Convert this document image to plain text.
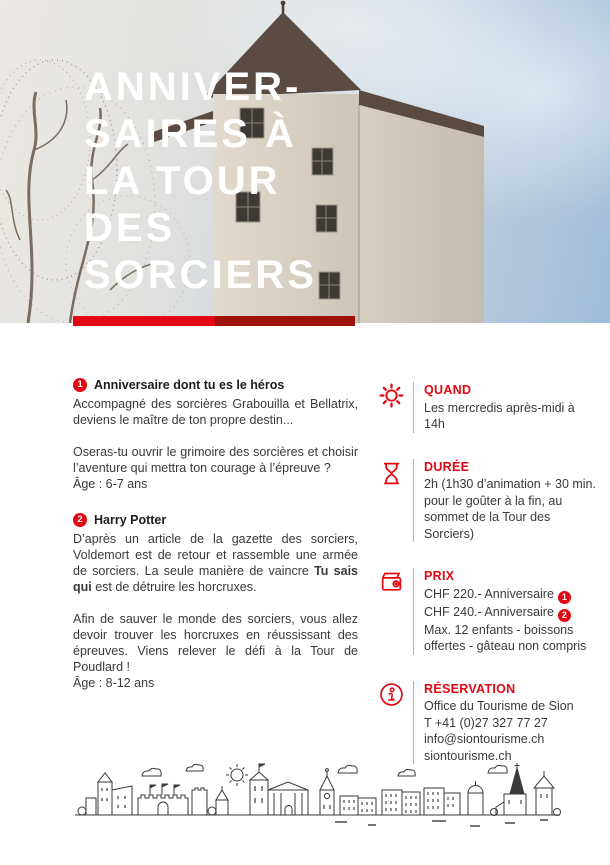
ANNIVER-
SAIRES À
LA TOUR
DES
SORCIERS
1 Anniversaire dont tu es le héros

Accompagné des sorcières Grabouilla et Bellatrix, deviens le maître de ton propre destin...

Oseras-tu ouvrir le grimoire des sorcières et choisir l’aventure qui mettra ton courage à l’épreuve ?

Âge : 6-7 ans
2 Harry Potter

D’après un article de la gazette des sorciers, Voldemort est de retour et rassemble une armée de sorciers. La seule manière de vaincre Tu sais qui est de détruire les horcruxes.

Afin de sauver le monde des sorciers, vous allez devoir trouver les horcruxes en réussissant des épreuves. Viens relever le défi à la Tour de Poudlard !

Âge : 8-12 ans
QUAND
Les mercredis après-midi à 14h
DURÉE
2h (1h30 d’animation + 30 min. pour le goûter à la fin, au sommet de la Tour des Sorciers)
PRIX
CHF 220.- Anniversaire 1
CHF 240.- Anniversaire 2
Max. 12 enfants - boissons offertes - gâteau non compris
RÉSERVATION
Office du Tourisme de Sion
T +41 (0)27 327 77 27
info@siontourisme.ch
siontourisme.ch
